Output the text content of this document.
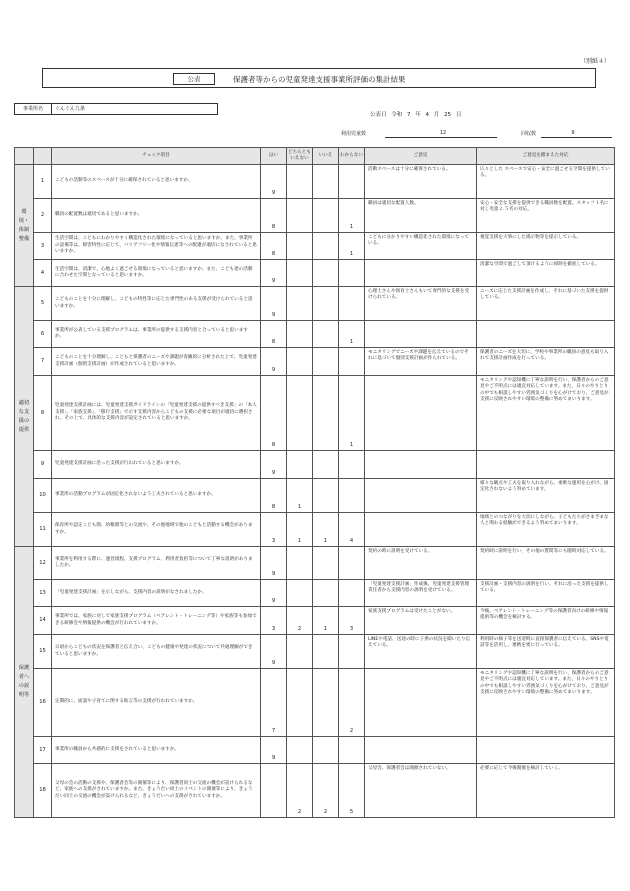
（別紙４）
公表	保護者等からの児童発達支援事業所評価の集計結果
事業所名	ぐんぐん九条
公表日 令和 7 年 4 月 25 日
利用児童数	12	回収数	9
		チェック項目	はい	どちらともいえない	いいえ	わからない	ご意見	ご意見を踏まえた対応
環境・体制整備	1	こどもの活動等のスペースが十分に確保されていると思いますか。	9				活動スペースは十分に確保されている。	広々とした スペースで安心・安全に過ごせる空間を提供している。
	2	職員の配置数は適切であると思いますか。	8			1	職員は適切な配置人数。	安心・安全な支援を提供できる職員数を配置。スタッフ１名に対し児童２.５名の対応。
	3	生活空間は、こどもにわかりやすく構造化された環境になっていると思いますか。また、事業所の設備等は、障害特性に応じて、バリアフリー化や情報伝達等への配慮が適切になされていると思いますか。	8			1	こどもに分かりやすい構造化された環境になっている。	視覚支援を大事にした掲示物等を提示している。
	4	生活空間は、清潔で、心地よく過ごせる環境になっていると思いますか。また、こども達の活動に合わせた空間となっていると思いますか。	9					清潔な空間で過ごして頂けるように掃除を徹底している。
適切な支援の提供	5	こどものことを十分に理解し、こどもの特性等に応じた専門性のある支援が受けられていると思いますか。	9				心理士さんや保育士さんもいて専門的な支援を受けられている。	ニーズに応じた支援計画を作成し、それに基づいた支援を提供している。
	6	事業所が公表している支援プログラムは、事業所の提供する支援内容と合っていると思いますか。	8			1		
	7	こどものことを十分理解し、こどもと保護者のニーズや課題が客観的に分析された上で、児童発達支援計画（個別支援計画）が作成されていると思いますか。	9				モニタリングでニーズや課題を伝えているのでそれに基づいて個別支援計画が作られている。	保護者のニーズを大切に、学校や事業所の職員の意見も取り入れて支援計画作成を行っている。
	8	児童発達支援計画には、児童発達支援ガイドラインの「児童発達支援の提供すべき支援」の「本人支援」、「家族支援」、「移行支援」で示す支援内容からこどもの支援に必要な項目が適切に選択され、その上で、具体的な支援内容が設定されていると思いますか。	8			1		モニタリングや認知機に丁寧な説明を行い、保護者からのご意見やご不明点には適宜対応しています。また、日々のやりとりの中でも相談しやすい雰囲気づくりを心がけており、ご意見が支援に反映されやすい環境の整備に努めてまいります。
	9	児童発達支援計画に沿った支援が行われていると思いますか。	9					
	10	事業所の活動プログラムが固定化されないよう工夫されていると思いますか。	8	1				様々な観点や工夫を取り入れながら、柔軟な運用を心がけ、固定化されないよう努めています。
	11	保育所や認定こども園、幼稚園等との交流や、その他地域で他のこどもと活動する機会がありますか。	3	1	1	4		地域とのつながりを大切にしながら、子どもたちがさまざまな人と関わる経験ができるよう努めてまいります。
保護者への説明等	12	事業所を利用する際に、運営規程、支援プログラム、利用者負担等について丁寧な説明がありましたか。	9				契約の時に説明を受けている。	契約時に説明を行い、その他の質問等にも随時対応している。
	13	「児童発達支援計画」を示しながら、支援内容の説明がなされましたか。	9				「児童発達支援計画」作成後、児童発達支援管理責任者から支援内容の説明を受けている。	支援計画・支援内容の説明を行い、それに沿った支援を提供している。
	14	事業所では、家族に対して家族支援プログラム（ペアレント・トレーニング等）や家族等も参加できる研修会や情報提供の機会が行われていますか。	3	2	1	3	家族支援プログラムは受けたことがない。	今後、ペアレント・トレーニング等の保護者向けの研修や情報提供等の機会を検討する。
	15	日頃からこどもの状況を保護者と伝え合い、こどもの健康や発達の状況について共通理解ができていると思いますか。	9				LINEや電話、送迎の時に子供の状況を聞いたり伝えている。	利用時の様子等を送迎時に直接保護者に伝えている。SNSや電話等を活用し、連携を密に行っている。
	16	定期的に、面談や子育てに関する助言等の支援が行われていますか。	7			2		モニタリングや認知機に丁寧な説明を行い、保護者からのご意見やご不明点には適宜対応しています。また、日々のやりとりの中でも相談しやすい雰囲気づくりを心がけており、ご意見が支援に反映されやすい環境の整備に努めてまいります。
	17	事業所の職員から共感的に支援をされていると思いますか。	9					
	18	父母の会の活動の支援や、保護者会等の開催等により、保護者同士の交流の機会が設けられるなど、家族への支援がされていますか。また、きょうだい同士のイベントの開催等により、きょうだい同士の交流の機会が設けられるなど、きょうだいへの支援がされていますか。		2	2	5	父母会、保護者会は開催されていない。	必要に応じて今後開催を検討していく。
